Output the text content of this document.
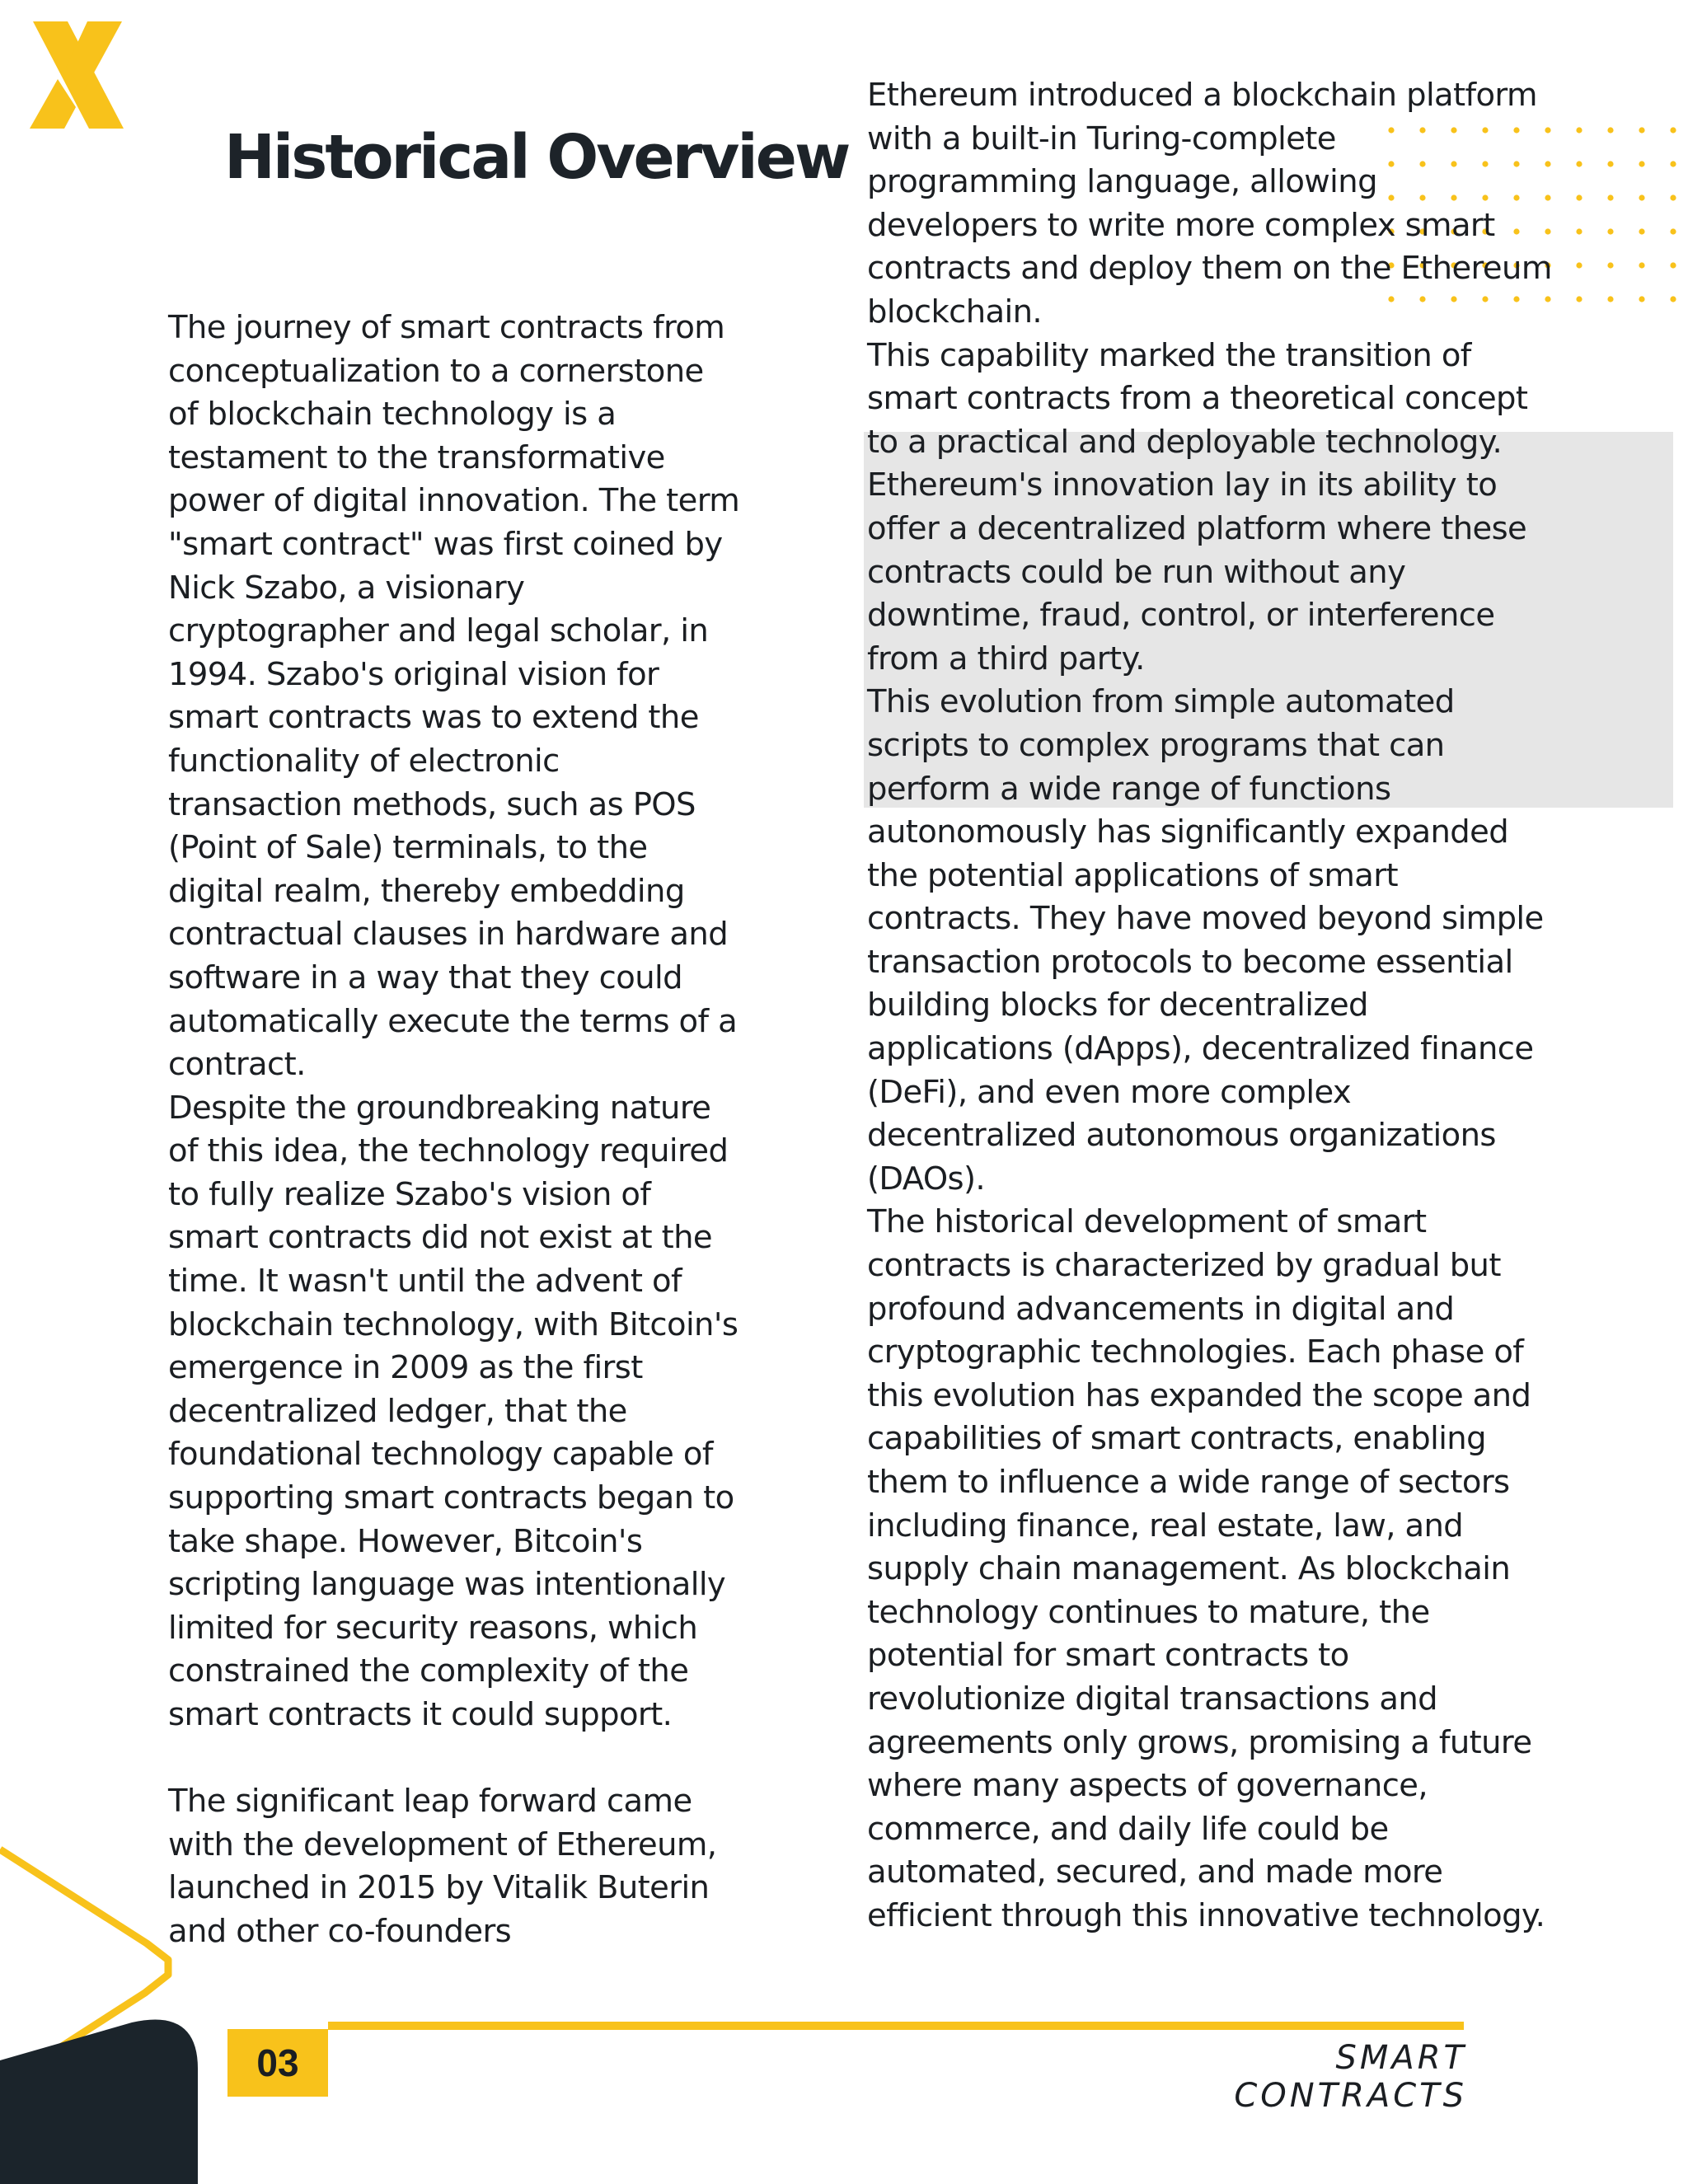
Historical Overview

The journey of smart contracts from
conceptualization to a cornerstone
of blockchain technology is a
testament to the transformative
power of digital innovation. The term
"smart contract" was first coined by
Nick Szabo, a visionary
cryptographer and legal scholar, in
1994. Szabo's original vision for
smart contracts was to extend the
functionality of electronic
transaction methods, such as POS
(Point of Sale) terminals, to the
digital realm, thereby embedding
contractual clauses in hardware and
software in a way that they could
automatically execute the terms of a
contract.
Despite the groundbreaking nature
of this idea, the technology required
to fully realize Szabo's vision of
smart contracts did not exist at the
time. It wasn't until the advent of
blockchain technology, with Bitcoin's
emergence in 2009 as the first
decentralized ledger, that the
foundational technology capable of
supporting smart contracts began to
take shape. However, Bitcoin's
scripting language was intentionally
limited for security reasons, which
constrained the complexity of the
smart contracts it could support.

The significant leap forward came
with the development of Ethereum,
launched in 2015 by Vitalik Buterin
and other co-founders

Ethereum introduced a blockchain platform
with a built-in Turing-complete
programming language, allowing
developers to write more complex smart
contracts and deploy them on the Ethereum
blockchain.
This capability marked the transition of
smart contracts from a theoretical concept
to a practical and deployable technology.
Ethereum's innovation lay in its ability to
offer a decentralized platform where these
contracts could be run without any
downtime, fraud, control, or interference
from a third party.
This evolution from simple automated
scripts to complex programs that can
perform a wide range of functions
autonomously has significantly expanded
the potential applications of smart
contracts. They have moved beyond simple
transaction protocols to become essential
building blocks for decentralized
applications (dApps), decentralized finance
(DeFi), and even more complex
decentralized autonomous organizations
(DAOs).
The historical development of smart
contracts is characterized by gradual but
profound advancements in digital and
cryptographic technologies. Each phase of
this evolution has expanded the scope and
capabilities of smart contracts, enabling
them to influence a wide range of sectors
including finance, real estate, law, and
supply chain management. As blockchain
technology continues to mature, the
potential for smart contracts to
revolutionize digital transactions and
agreements only grows, promising a future
where many aspects of governance,
commerce, and daily life could be
automated, secured, and made more
efficient through this innovative technology.

03	SMART CONTRACTS
